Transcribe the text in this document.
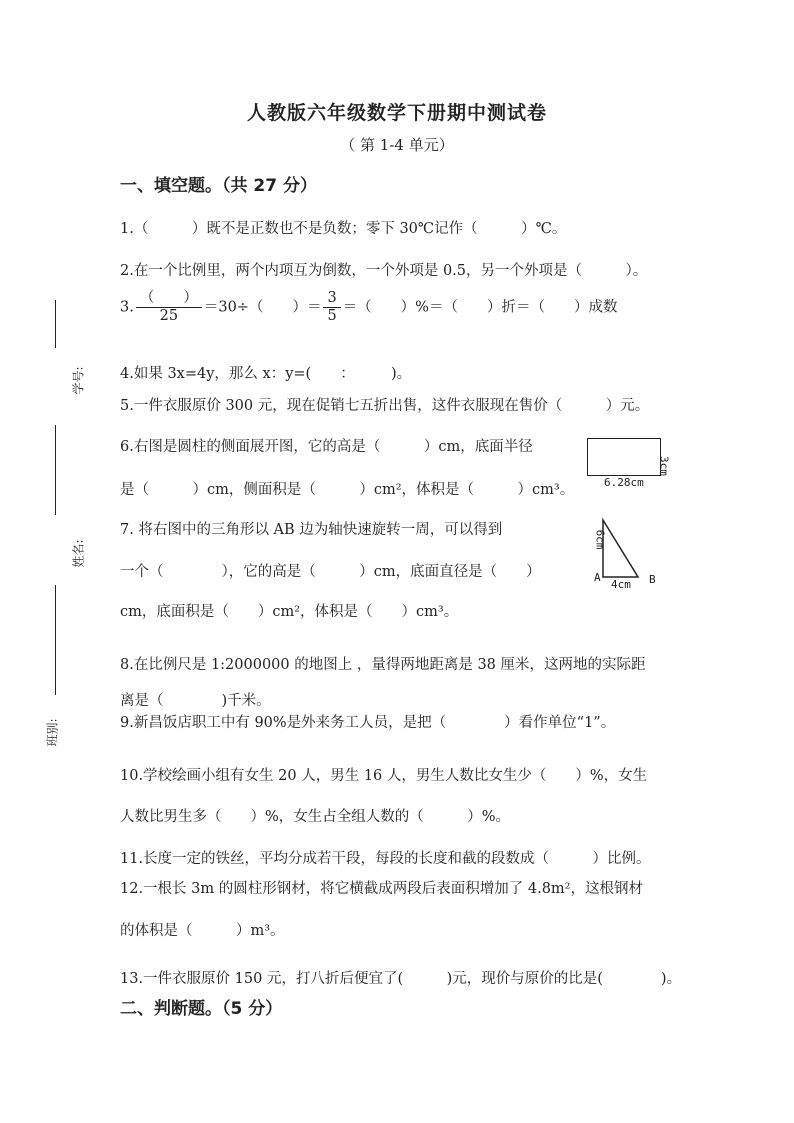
人教版六年级数学下册期中测试卷
（ 第 1-4 单元）
一、填空题。（共 27 分）
1.（　　　）既不是正数也不是负数；零下 30℃记作（　　　）℃。
2.在一个比例里，两个内项互为倒数，一个外项是 0.5，另一个外项是（　　　）。
3. $\frac{( )}{25} =30\div$（　　）＝ $\frac{3}{5}$ ＝（　　）%＝（　　）折＝（　　）成数
4.如果 3x=4y，那么 x：y=(　　：　　　)。
5.一件衣服原价 300 元，现在促销七五折出售，这件衣服现在售价（　　　）元。
6.右图是圆柱的侧面展开图，它的高是（　　　）cm，底面半径
是（　　　）cm，侧面积是（　　　）cm²，体积是（　　　）cm³。
7. 将右图中的三角形以 AB 边为轴快速旋转一周，可以得到
一个（　　　　），它的高是（　　　）cm，底面直径是（　　）
cm，底面积是（　　）cm²，体积是（　　）cm³。
8.在比例尺是 1:2000000 的地图上 ，量得两地距离是 38 厘米，这两地的实际距
离是（　　　　)千米。
9.新昌饭店职工中有 90%是外来务工人员，是把（　　　　）看作单位“1”。
10.学校绘画小组有女生 20 人，男生 16 人，男生人数比女生少（　　）%，女生
人数比男生多（　　）%，女生占全组人数的（　　　）%。
11.长度一定的铁丝，平均分成若干段，每段的长度和截的段数成（　　　）比例。
12.一根长 3m 的圆柱形钢材，将它横截成两段后表面积增加了 4.8m²，这根钢材
的体积是（　　　）m³。
13.一件衣服原价 150 元，打八折后便宜了(　　　)元，现价与原价的比是(　　　　)。
二、判断题。（5 分）
3cm
6.28cm
6cm
A
4cm B
学号:
姓名:
班别:
